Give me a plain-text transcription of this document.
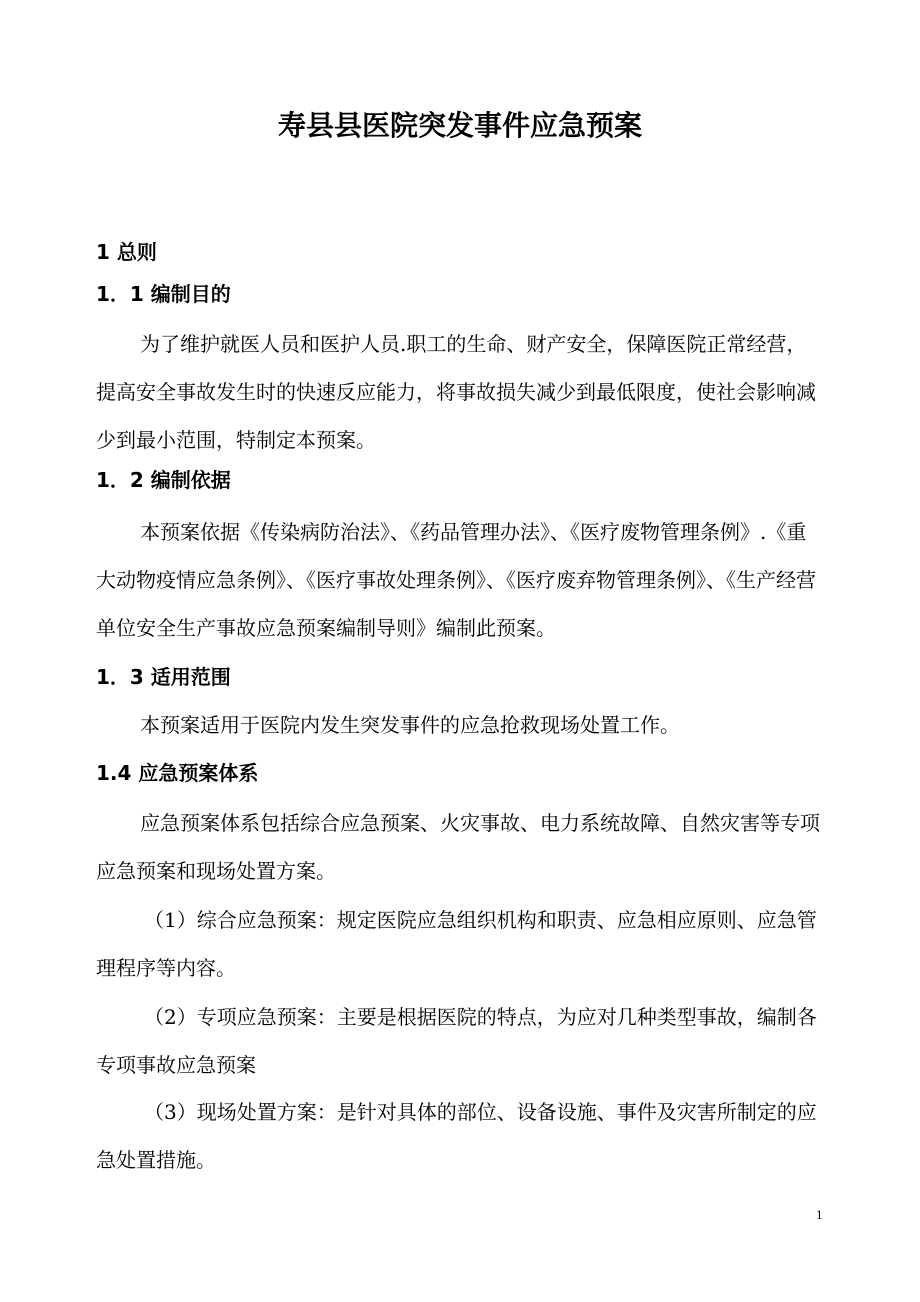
寿县县医院突发事件应急预案
1 总则
1．1 编制目的
为了维护就医人员和医护人员.职工的生命、财产安全，保障医院正常经营，提高安全事故发生时的快速反应能力，将事故损失减少到最低限度，使社会影响减少到最小范围，特制定本预案。
1．2 编制依据
本预案依据《传染病防治法》、《药品管理办法》、《医疗废物管理条例》.《重大动物疫情应急条例》、《医疗事故处理条例》、《医疗废弃物管理条例》、《生产经营单位安全生产事故应急预案编制导则》编制此预案。
1．3 适用范围
本预案适用于医院内发生突发事件的应急抢救现场处置工作。
1.4 应急预案体系
应急预案体系包括综合应急预案、火灾事故、电力系统故障、自然灾害等专项应急预案和现场处置方案。
（1）综合应急预案：规定医院应急组织机构和职责、应急相应原则、应急管理程序等内容。
（2）专项应急预案：主要是根据医院的特点，为应对几种类型事故，编制各专项事故应急预案
（3）现场处置方案：是针对具体的部位、设备设施、事件及灾害所制定的应急处置措施。
1
